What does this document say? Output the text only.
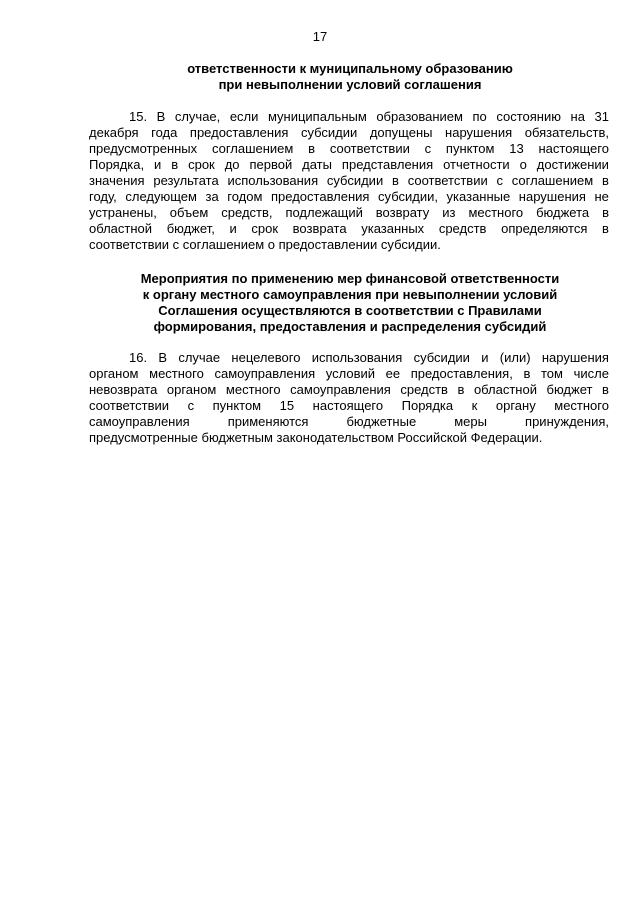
17
ответственности к муниципальному образованию
при невыполнении условий соглашения
15. В случае, если муниципальным образованием по состоянию на 31
декабря года предоставления субсидии допущены нарушения обязательств,
предусмотренных соглашением в соответствии с пунктом 13 настоящего
Порядка, и в срок до первой даты представления отчетности о достижении
значения результата использования субсидии в соответствии с соглашением в
году, следующем за годом предоставления субсидии, указанные нарушения не
устранены, объем средств, подлежащий возврату из местного бюджета в
областной бюджет, и срок возврата указанных средств определяются в
соответствии с соглашением о предоставлении субсидии.
Мероприятия по применению мер финансовой ответственности
к органу местного самоуправления при невыполнении условий
Соглашения осуществляются в соответствии с Правилами
формирования, предоставления и распределения субсидий
16. В случае нецелевого использования субсидии и (или) нарушения
органом местного самоуправления условий ее предоставления, в том числе
невозврата органом местного самоуправления средств в областной бюджет в
соответствии с пунктом 15 настоящего Порядка к органу местного
самоуправления	применяются	бюджетные	меры	принуждения,
предусмотренные бюджетным законодательством Российской Федерации.
